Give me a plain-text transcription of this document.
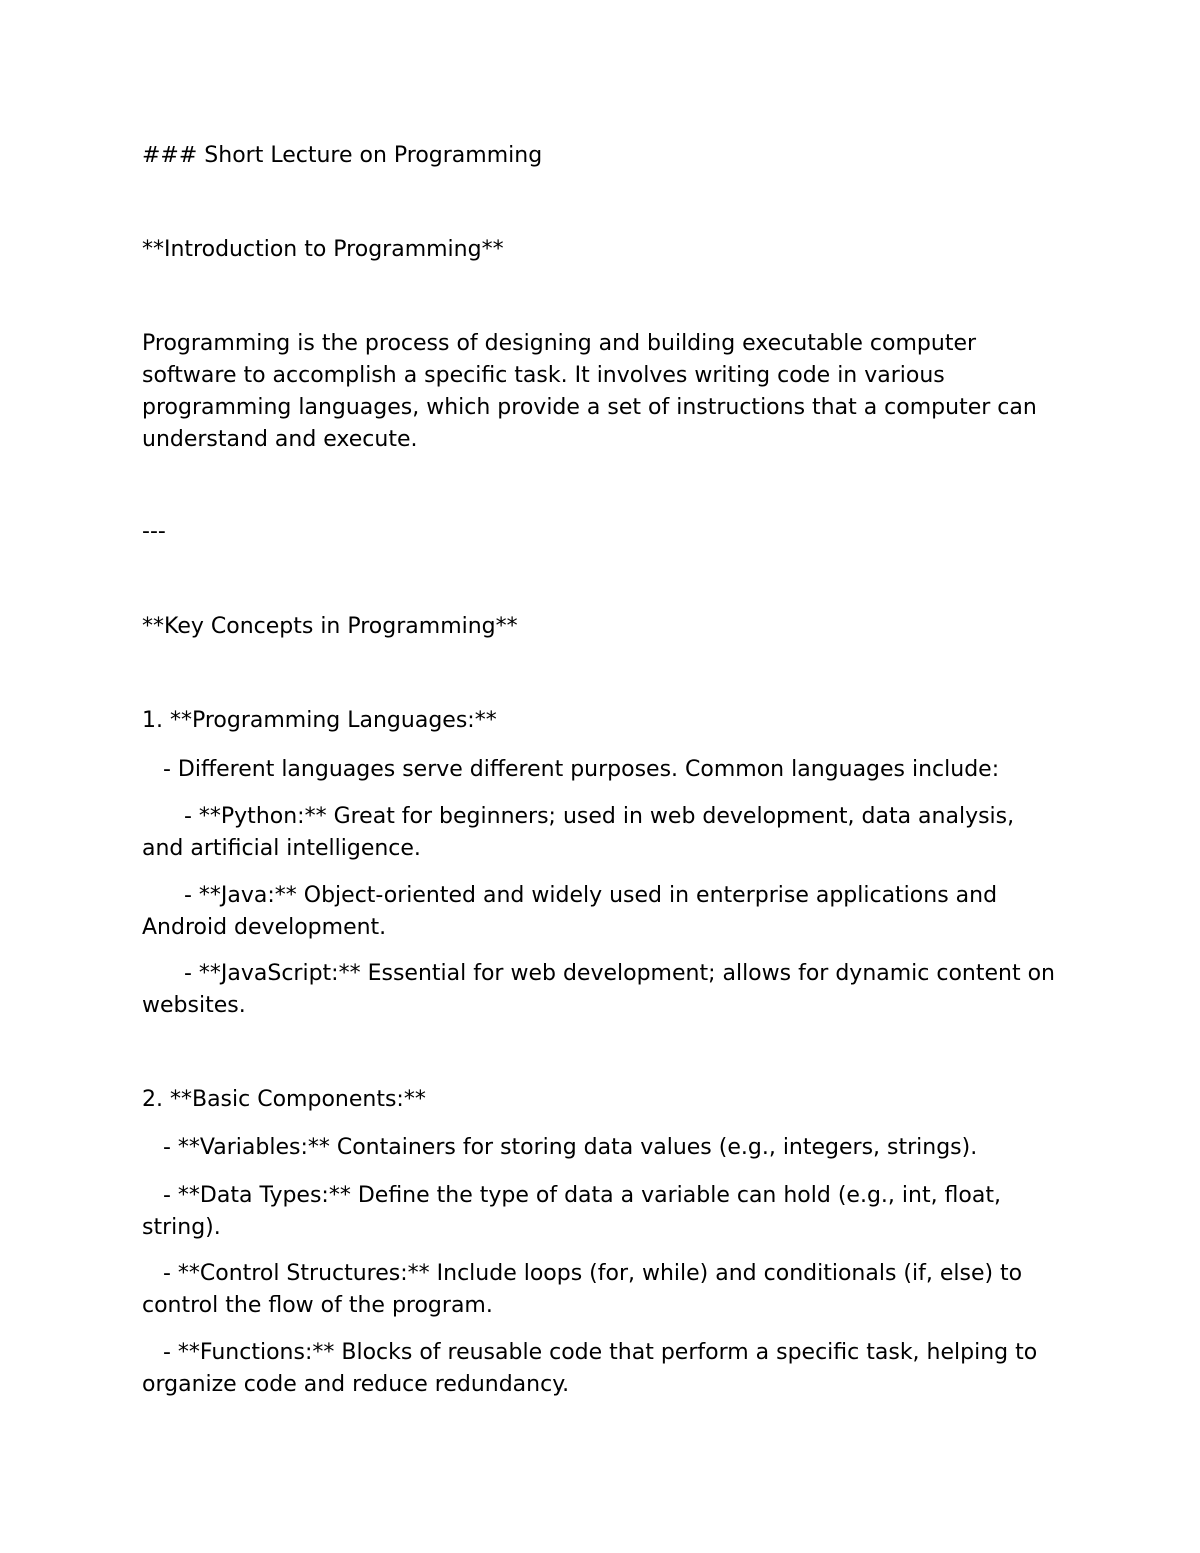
### Short Lecture on Programming

**Introduction to Programming**

Programming is the process of designing and building executable computer software to accomplish a specific task. It involves writing code in various programming languages, which provide a set of instructions that a computer can understand and execute.

---

**Key Concepts in Programming**

1. **Programming Languages:**

- Different languages serve different purposes. Common languages include:

- **Python:** Great for beginners; used in web development, data analysis, and artificial intelligence.

- **Java:** Object-oriented and widely used in enterprise applications and Android development.

- **JavaScript:** Essential for web development; allows for dynamic content on websites.

2. **Basic Components:**

- **Variables:** Containers for storing data values (e.g., integers, strings).

- **Data Types:** Define the type of data a variable can hold (e.g., int, float, string).

- **Control Structures:** Include loops (for, while) and conditionals (if, else) to control the flow of the program.

- **Functions:** Blocks of reusable code that perform a specific task, helping to organize code and reduce redundancy.
